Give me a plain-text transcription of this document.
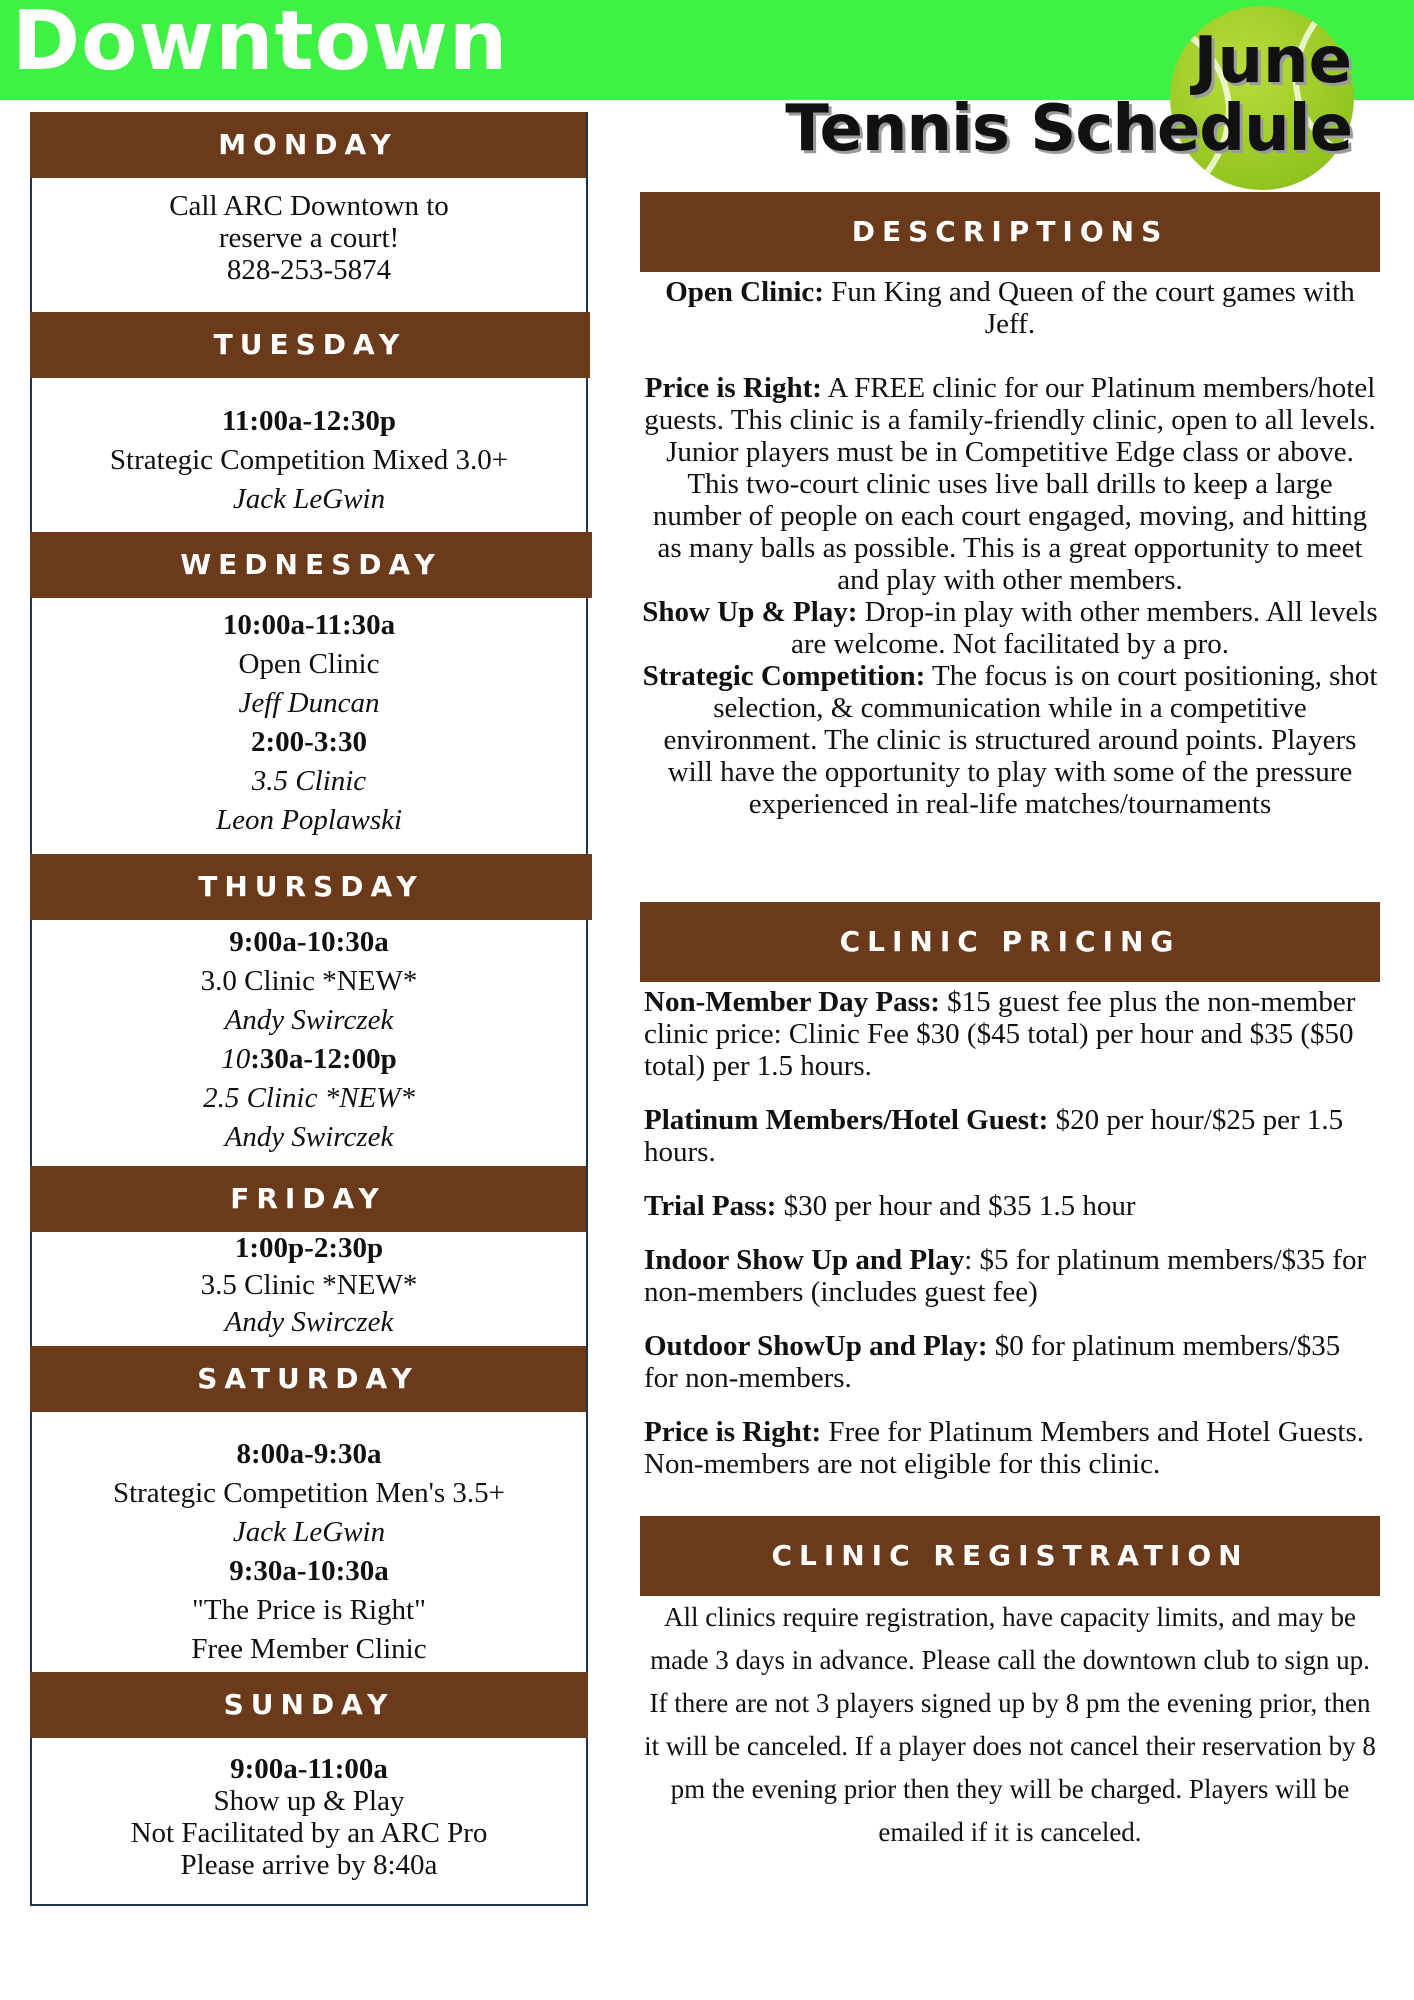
Downtown	June
Tennis Schedule
MONDAY
Call ARC Downtown to
reserve a court!
828-253-5874
TUESDAY
11:00a-12:30p
Strategic Competition Mixed 3.0+
Jack LeGwin
WEDNESDAY
10:00a-11:30a
Open Clinic
Jeff Duncan
2:00-3:30
3.5 Clinic
Leon Poplawski
THURSDAY
9:00a-10:30a
3.0 Clinic *NEW*
Andy Swirczek
10:30a-12:00p
2.5 Clinic *NEW*
Andy Swirczek
FRIDAY
1:00p-2:30p
3.5 Clinic *NEW*
Andy Swirczek
SATURDAY
8:00a-9:30a
Strategic Competition Men's 3.5+
Jack LeGwin
9:30a-10:30a
"The Price is Right"
Free Member Clinic
SUNDAY
9:00a-11:00a
Show up & Play
Not Facilitated by an ARC Pro
Please arrive by 8:40a
DESCRIPTIONS

Open Clinic: Fun King and Queen of the court games with Jeff.

Price is Right: A FREE clinic for our Platinum members/hotel guests. This clinic is a family-friendly clinic, open to all levels. Junior players must be in Competitive Edge class or above. This two-court clinic uses live ball drills to keep a large number of people on each court engaged, moving, and hitting as many balls as possible. This is a great opportunity to meet and play with other members.

Show Up & Play: Drop-in play with other members. All levels are welcome. Not facilitated by a pro.

Strategic Competition: The focus is on court positioning, shot selection, & communication while in a competitive environment. The clinic is structured around points. Players will have the opportunity to play with some of the pressure experienced in real-life matches/tournaments

CLINIC PRICING

Non-Member Day Pass: $15 guest fee plus the non-member clinic price: Clinic Fee $30 ($45 total) per hour and $35 ($50 total) per 1.5 hours.

Platinum Members/Hotel Guest: $20 per hour/$25 per 1.5 hours.

Trial Pass: $30 per hour and $35 1.5 hour

Indoor Show Up and Play: $5 for platinum members/$35 for non-members (includes guest fee)

Outdoor ShowUp and Play: $0 for platinum members/$35 for non-members.

Price is Right: Free for Platinum Members and Hotel Guests. Non-members are not eligible for this clinic.

CLINIC REGISTRATION
All clinics require registration, have capacity limits, and may be made 3 days in advance. Please call the downtown club to sign up. If there are not 3 players signed up by 8 pm the evening prior, then it will be canceled. If a player does not cancel their reservation by 8 pm the evening prior then they will be charged. Players will be emailed if it is canceled.
